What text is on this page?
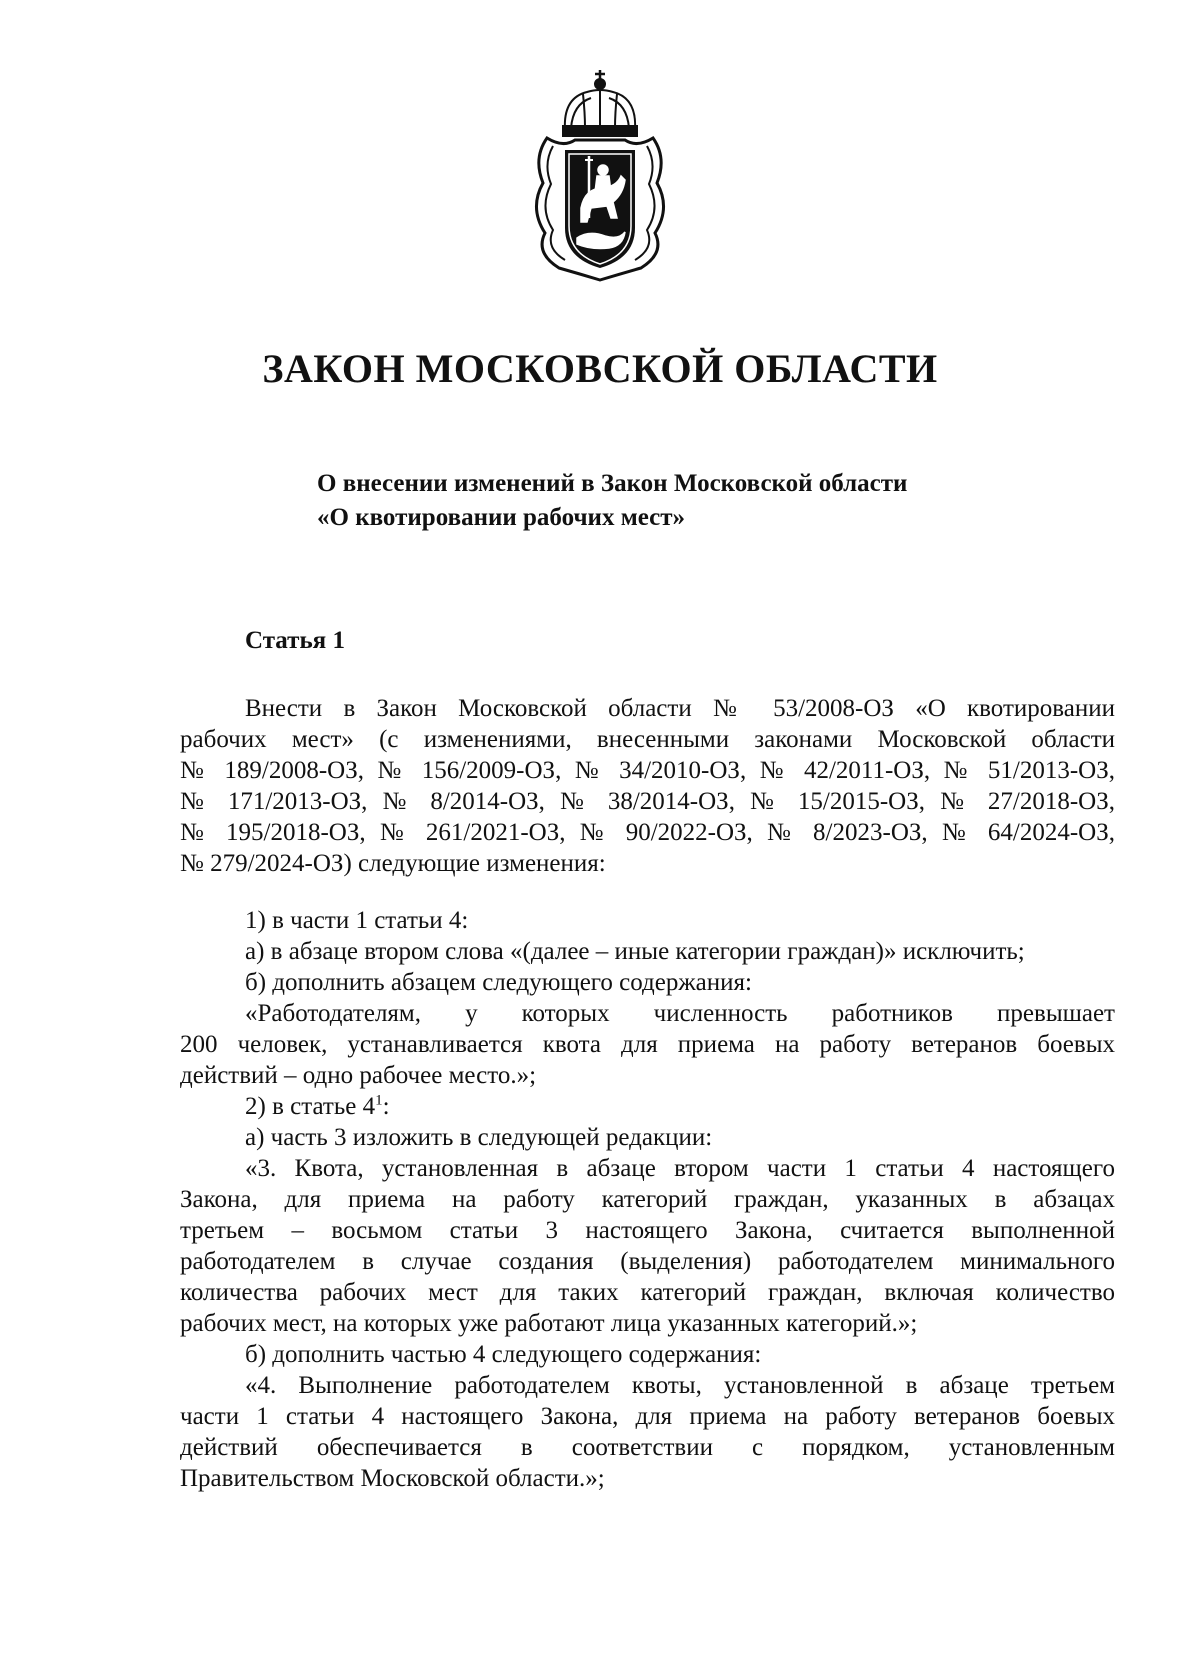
ЗАКОН МОСКОВСКОЙ ОБЛАСТИ
О внесении изменений в Закон Московской области
«О квотировании рабочих мест»
Статья 1

Внести в Закон Московской области № 53/2008-ОЗ «О квотировании

рабочих мест» (с изменениями, внесенными законами Московской области

№ 189/2008-ОЗ, № 156/2009-ОЗ, № 34/2010-ОЗ, № 42/2011-ОЗ, № 51/2013-ОЗ,

№ 171/2013-ОЗ, № 8/2014-ОЗ, № 38/2014-ОЗ, № 15/2015-ОЗ, № 27/2018-ОЗ,

№ 195/2018-ОЗ, № 261/2021-ОЗ, № 90/2022-ОЗ, № 8/2023-ОЗ, № 64/2024-ОЗ,

№ 279/2024-ОЗ) следующие изменения:

1) в части 1 статьи 4:

а) в абзаце втором слова «(далее – иные категории граждан)» исключить;

б) дополнить абзацем следующего содержания:

«Работодателям, у которых численность работников превышает

200 человек, устанавливается квота для приема на работу ветеранов боевых

действий – одно рабочее место.»;

2) в статье $4^1$:

а) часть 3 изложить в следующей редакции:

«3. Квота, установленная в абзаце втором части 1 статьи 4 настоящего

Закона, для приема на работу категорий граждан, указанных в абзацах

третьем – восьмом статьи 3 настоящего Закона, считается выполненной

работодателем в случае создания (выделения) работодателем минимального

количества рабочих мест для таких категорий граждан, включая количество

рабочих мест, на которых уже работают лица указанных категорий.»;

б) дополнить частью 4 следующего содержания:

«4. Выполнение работодателем квоты, установленной в абзаце третьем

части 1 статьи 4 настоящего Закона, для приема на работу ветеранов боевых

действий обеспечивается в соответствии с порядком, установленным

Правительством Московской области.»;
